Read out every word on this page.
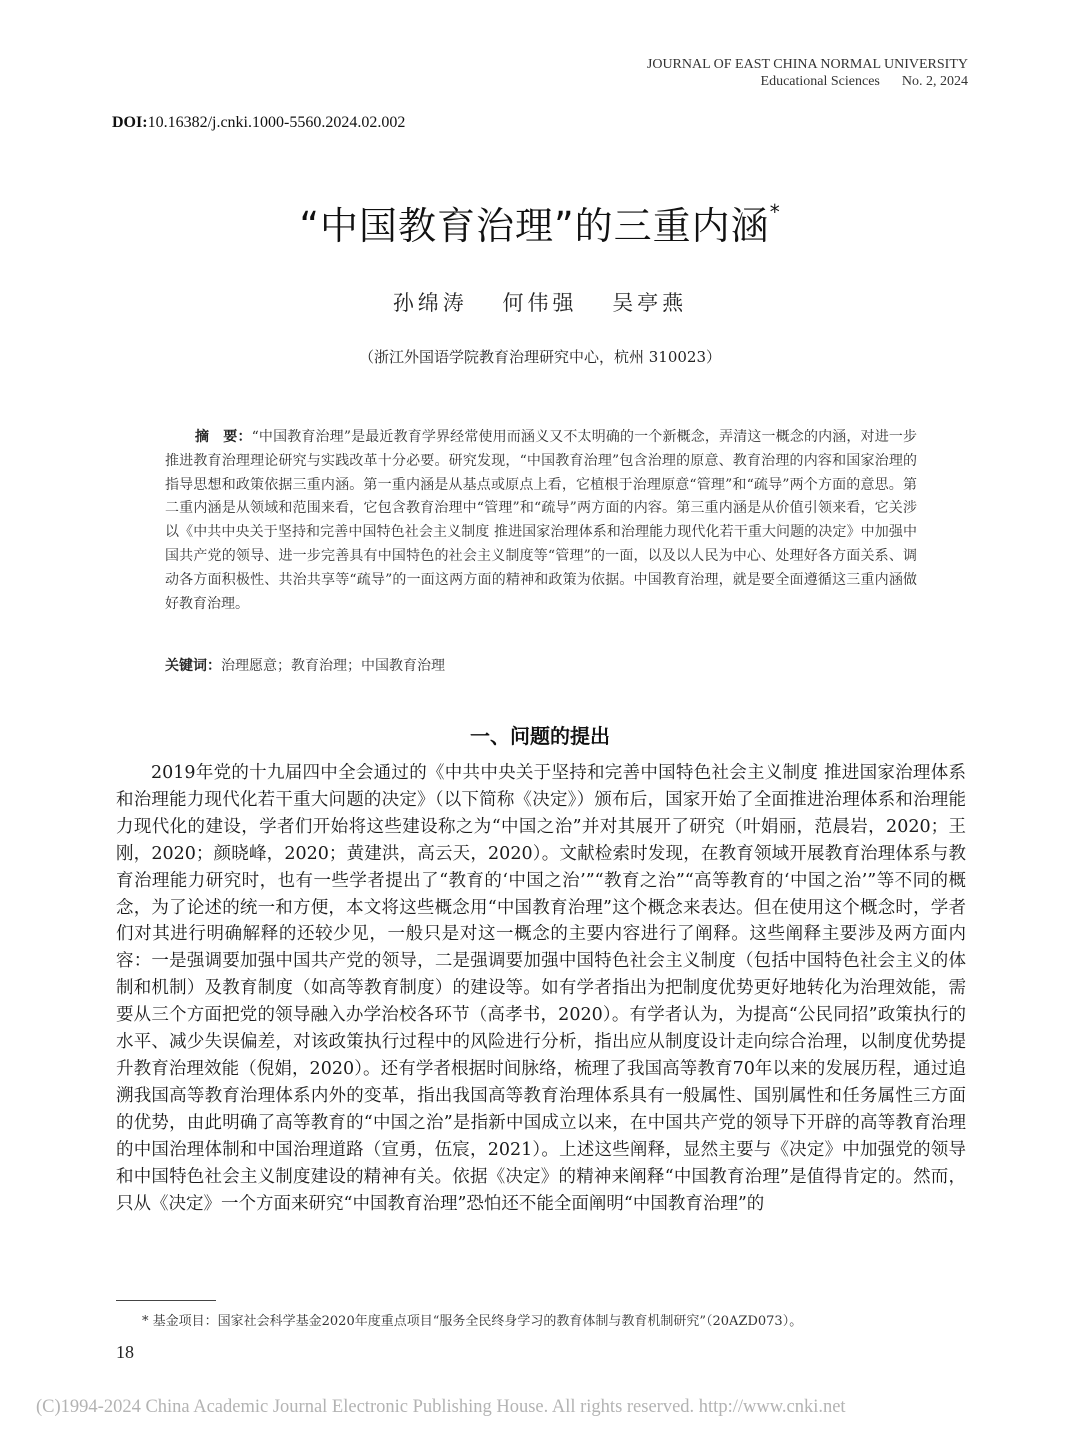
JOURNAL OF EAST CHINA NORMAL UNIVERSITY
Educational Sciences No. 2, 2024
DOI:10.16382/j.cnki.1000-5560.2024.02.002
“中国教育治理”的三重内涵*
孙绵涛 何伟强 吴亭燕
（浙江外国语学院教育治理研究中心，杭州 310023）
摘　要：“中国教育治理”是最近教育学界经常使用而涵义又不太明确的一个新概念，弄清这一概念的内涵，对进一步推进教育治理理论研究与实践改革十分必要。研究发现，“中国教育治理”包含治理的原意、教育治理的内容和国家治理的指导思想和政策依据三重内涵。第一重内涵是从基点或原点上看，它植根于治理原意“管理”和“疏导”两个方面的意思。第二重内涵是从领域和范围来看，它包含教育治理中“管理”和“疏导”两方面的内容。第三重内涵是从价值引领来看，它关涉以《中共中央关于坚持和完善中国特色社会主义制度 推进国家治理体系和治理能力现代化若干重大问题的决定》中加强中国共产党的领导、进一步完善具有中国特色的社会主义制度等“管理”的一面，以及以人民为中心、处理好各方面关系、调动各方面积极性、共治共享等“疏导”的一面这两方面的精神和政策为依据。中国教育治理，就是要全面遵循这三重内涵做好教育治理。
关键词：治理愿意；教育治理；中国教育治理
一、问题的提出
2019年党的十九届四中全会通过的《中共中央关于坚持和完善中国特色社会主义制度 推进国家治理体系和治理能力现代化若干重大问题的决定》（以下简称《决定》）颁布后，国家开始了全面推进治理体系和治理能力现代化的建设，学者们开始将这些建设称之为“中国之治”并对其展开了研究（叶娟丽，范晨岩，2020；王刚，2020；颜晓峰，2020；黄建洪，高云天，2020）。文献检索时发现，在教育领域开展教育治理体系与教育治理能力研究时，也有一些学者提出了“教育的‘中国之治’”“教育之治”“高等教育的‘中国之治’”等不同的概念，为了论述的统一和方便，本文将这些概念用“中国教育治理”这个概念来表达。但在使用这个概念时，学者们对其进行明确解释的还较少见，一般只是对这一概念的主要内容进行了阐释。这些阐释主要涉及两方面内容：一是强调要加强中国共产党的领导，二是强调要加强中国特色社会主义制度（包括中国特色社会主义的体制和机制）及教育制度（如高等教育制度）的建设等。如有学者指出为把制度优势更好地转化为治理效能，需要从三个方面把党的领导融入办学治校各环节（高孝书，2020）。有学者认为，为提高“公民同招”政策执行的水平、减少失误偏差，对该政策执行过程中的风险进行分析，指出应从制度设计走向综合治理，以制度优势提升教育治理效能（倪娟，2020）。还有学者根据时间脉络，梳理了我国高等教育70年以来的发展历程，通过追溯我国高等教育治理体系内外的变革，指出我国高等教育治理体系具有一般属性、国别属性和任务属性三方面的优势，由此明确了高等教育的“中国之治”是指新中国成立以来，在中国共产党的领导下开辟的高等教育治理的中国治理体制和中国治理道路（宣勇，伍宸，2021）。上述这些阐释，显然主要与《决定》中加强党的领导和中国特色社会主义制度建设的精神有关。依据《决定》的精神来阐释“中国教育治理”是值得肯定的。然而，只从《决定》一个方面来研究“中国教育治理”恐怕还不能全面阐明“中国教育治理”的
* 基金项目：国家社会科学基金2020年度重点项目“服务全民终身学习的教育体制与教育机制研究”（20AZD073）。
18
(C)1994-2024 China Academic Journal Electronic Publishing House. All rights reserved. http://www.cnki.net
